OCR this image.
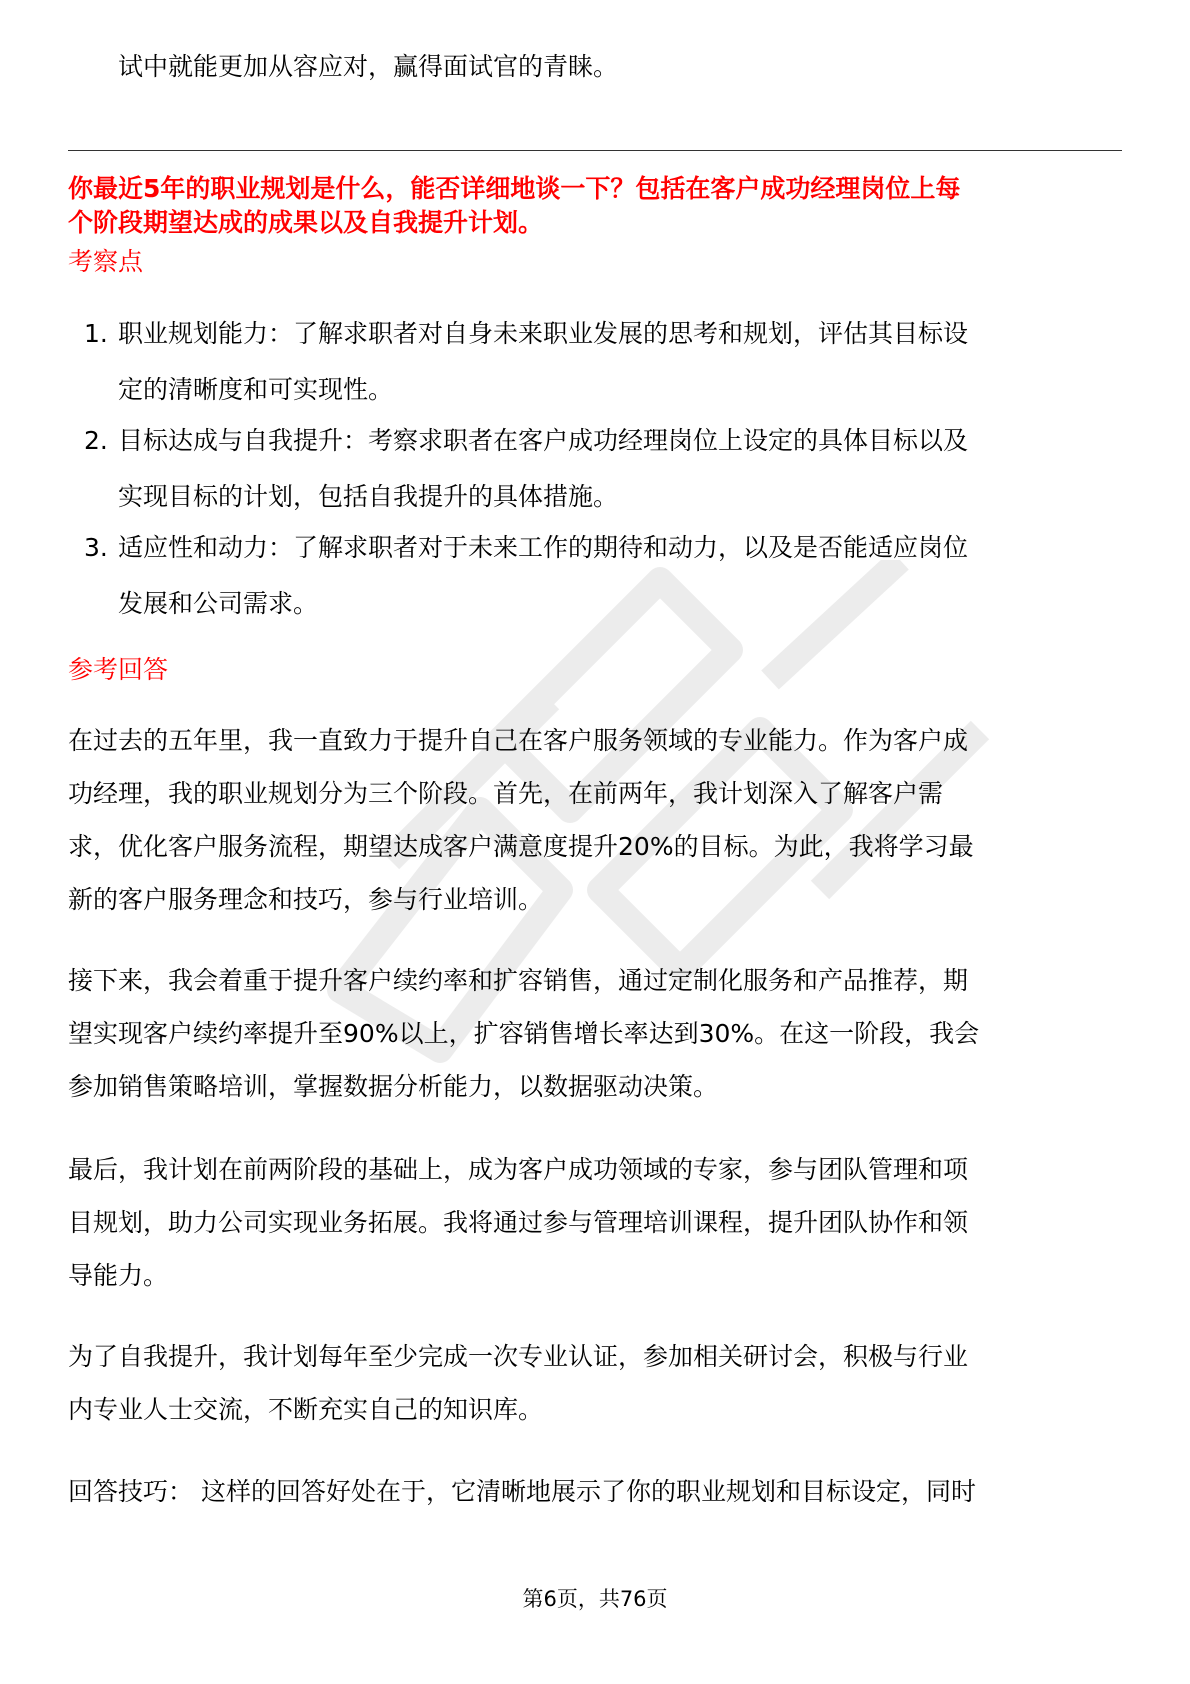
试中就能更加从容应对，赢得面试官的青睐。
你最近5年的职业规划是什么，能否详细地谈一下？包括在客户成功经理岗位上每
个阶段期望达成的成果以及自我提升计划。
考察点
1. 职业规划能力：了解求职者对自身未来职业发展的思考和规划，评估其目标设
定的清晰度和可实现性。
2. 目标达成与自我提升：考察求职者在客户成功经理岗位上设定的具体目标以及
实现目标的计划，包括自我提升的具体措施。
3. 适应性和动力：了解求职者对于未来工作的期待和动力，以及是否能适应岗位
发展和公司需求。
参考回答
在过去的五年里，我一直致力于提升自己在客户服务领域的专业能力。作为客户成
功经理，我的职业规划分为三个阶段。首先，在前两年，我计划深入了解客户需
求，优化客户服务流程，期望达成客户满意度提升20%的目标。为此，我将学习最
新的客户服务理念和技巧，参与行业培训。
接下来，我会着重于提升客户续约率和扩容销售，通过定制化服务和产品推荐，期
望实现客户续约率提升至90%以上，扩容销售增长率达到30%。在这一阶段，我会
参加销售策略培训，掌握数据分析能力，以数据驱动决策。
最后，我计划在前两阶段的基础上，成为客户成功领域的专家，参与团队管理和项
目规划，助力公司实现业务拓展。我将通过参与管理培训课程，提升团队协作和领
导能力。
为了自我提升，我计划每年至少完成一次专业认证，参加相关研讨会，积极与行业
内专业人士交流，不断充实自己的知识库。
回答技巧： 这样的回答好处在于，它清晰地展示了你的职业规划和目标设定，同时
第6页，共76页
